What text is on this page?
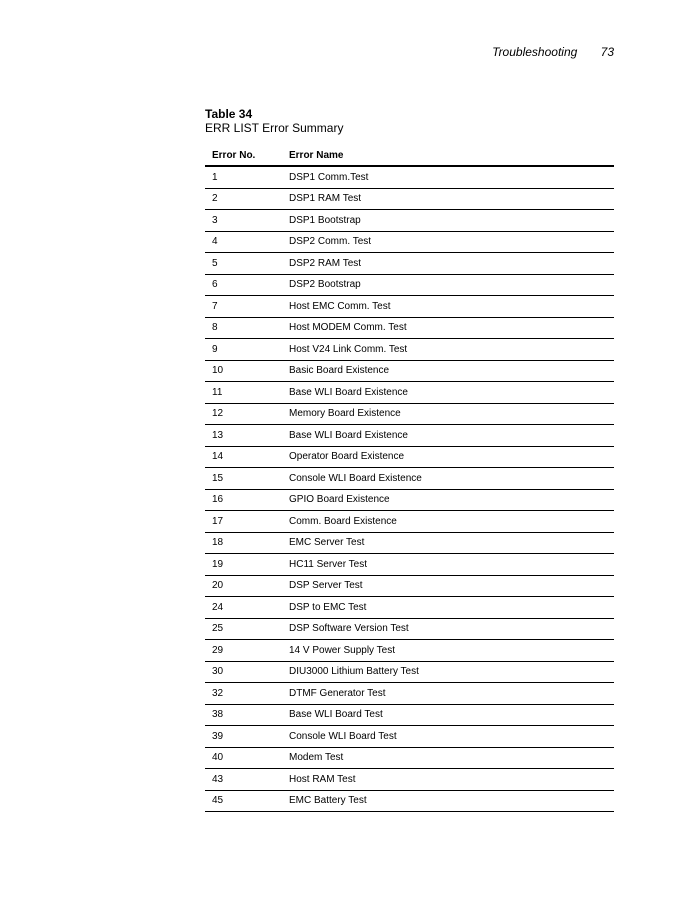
Troubleshooting 73
Table 34
ERR LIST Error Summary
Error No.	Error Name
1	DSP1 Comm.Test
2	DSP1 RAM Test
3	DSP1 Bootstrap
4	DSP2 Comm. Test
5	DSP2 RAM Test
6	DSP2 Bootstrap
7	Host EMC Comm. Test
8	Host MODEM Comm. Test
9	Host V24 Link Comm. Test
10	Basic Board Existence
11	Base WLI Board Existence
12	Memory Board Existence
13	Base WLI Board Existence
14	Operator Board Existence
15	Console WLI Board Existence
16	GPIO Board Existence
17	Comm. Board Existence
18	EMC Server Test
19	HC11 Server Test
20	DSP Server Test
24	DSP to EMC Test
25	DSP Software Version Test
29	14 V Power Supply Test
30	DIU3000 Lithium Battery Test
32	DTMF Generator Test
38	Base WLI Board Test
39	Console WLI Board Test
40	Modem Test
43	Host RAM Test
45	EMC Battery Test
